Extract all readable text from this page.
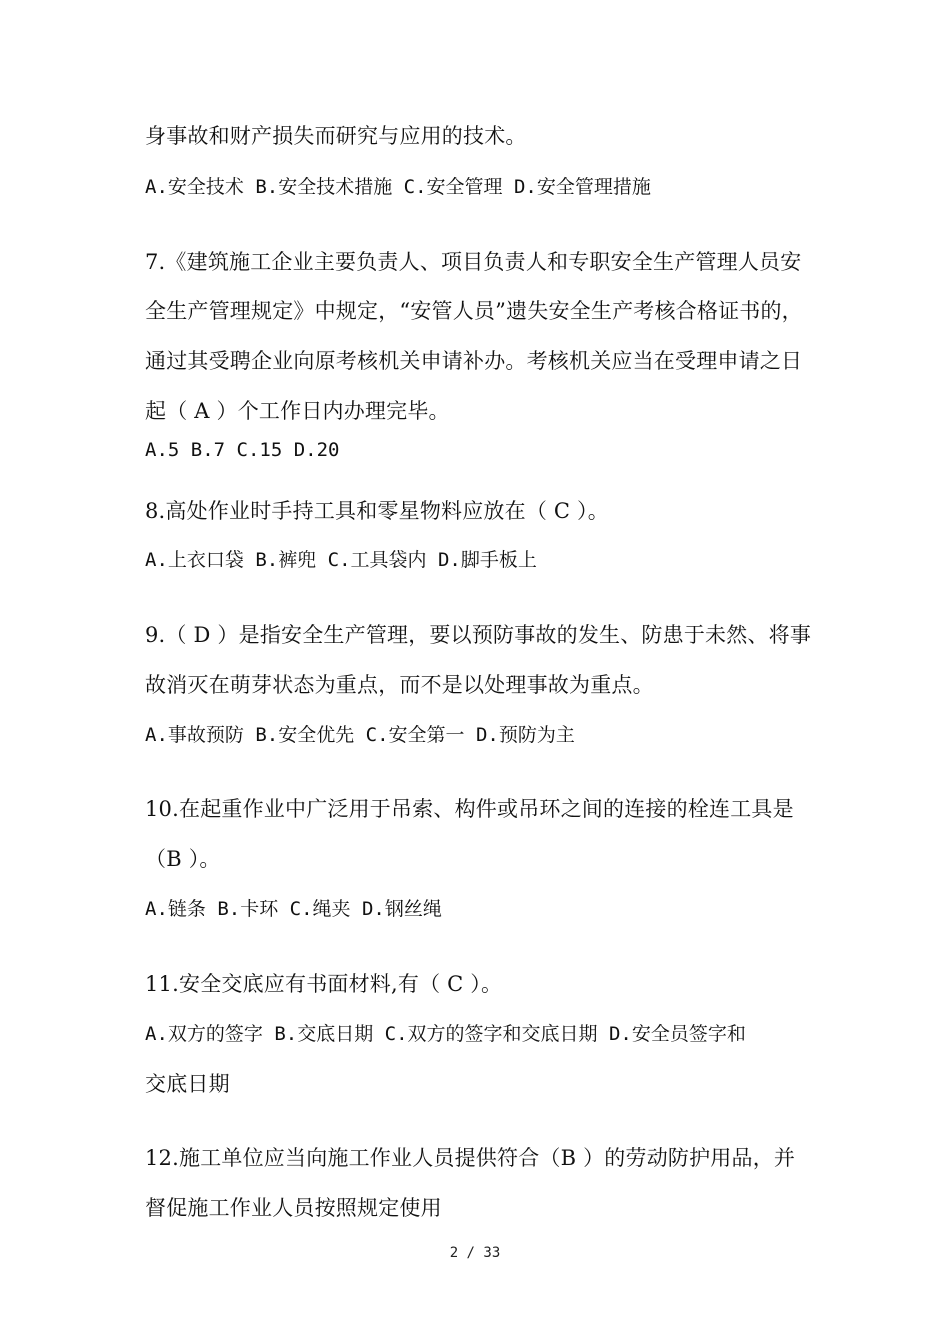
身事故和财产损失而研究与应用的技术。
A.安全技术 B.安全技术措施 C.安全管理 D.安全管理措施
7.《建筑施工企业主要负责人、项目负责人和专职安全生产管理人员安
全生产管理规定》中规定，“安管人员”遗失安全生产考核合格证书的，
通过其受聘企业向原考核机关申请补办。考核机关应当在受理申请之日
起（ A ）个工作日内办理完毕。
A.5 B.7 C.15 D.20
8.高处作业时手持工具和零星物料应放在（ C ）。
A.上衣口袋 B.裤兜 C.工具袋内 D.脚手板上
9.（ D ）是指安全生产管理，要以预防事故的发生、防患于未然、将事
故消灭在萌芽状态为重点，而不是以处理事故为重点。
A.事故预防 B.安全优先 C.安全第一 D.预防为主
10.在起重作业中广泛用于吊索、构件或吊环之间的连接的栓连工具是
（B ）。
A.链条 B.卡环 C.绳夹 D.钢丝绳
11.安全交底应有书面材料,有（ C ）。
A.双方的签字 B.交底日期 C.双方的签字和交底日期 D.安全员签字和
交底日期
12.施工单位应当向施工作业人员提供符合（B ）的劳动防护用品，并
督促施工作业人员按照规定使用
2 / 33
